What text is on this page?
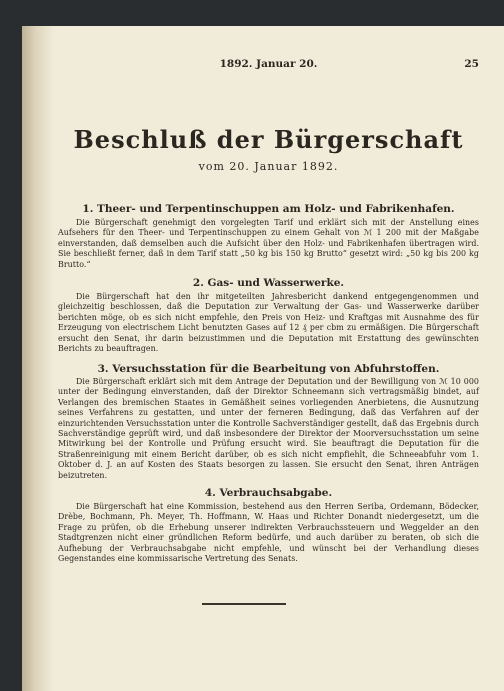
1892. Januar 20.	25
Beschluß der Bürgerschaft
vom 20. Januar 1892.
1. Theer- und Terpentinschuppen am Holz- und Fabrikenhafen.
Die Bürgerschaft genehmigt den vorgelegten Tarif und erklärt sich mit der Anstellung eines Aufsehers für den Theer- und Terpentinschuppen zu einem Gehalt von ℳ 1 200 mit der Maßgabe einverstanden, daß demselben auch die Aufsicht über den Holz- und Fabrikenhafen übertragen wird. Sie beschließt ferner, daß in dem Tarif statt „50 kg bis 150 kg Brutto“ gesetzt wird: „50 kg bis 200 kg Brutto.“
2. Gas- und Wasserwerke.
Die Bürgerschaft hat den ihr mitgeteilten Jahresbericht dankend entgegengenommen und gleichzeitig beschlossen, daß die Deputation zur Verwaltung der Gas- und Wasserwerke darüber berichten möge, ob es sich nicht empfehle, den Preis von Heiz- und Kraftgas mit Ausnahme des für Erzeugung von electrischem Licht benutzten Gases auf 12 ₰ per cbm zu ermäßigen. Die Bürgerschaft ersucht den Senat, ihr darin beizustimmen und die Deputation mit Erstattung des gewünschten Berichts zu beauftragen.
3. Versuchsstation für die Bearbeitung von Abfuhrstoffen.
Die Bürgerschaft erklärt sich mit dem Antrage der Deputation und der Bewilligung von ℳ 10 000 unter der Bedingung einverstanden, daß der Direktor Schneemann sich vertragsmäßig bindet, auf Verlangen des bremischen Staates in Gemäßheit seines vorliegenden Anerbietens, die Ausnutzung seines Verfahrens zu gestatten, und unter der ferneren Bedingung, daß das Verfahren auf der einzurichtenden Versuchsstation unter die Kontrolle Sachverständiger gestellt, daß das Ergebnis durch Sachverständige geprüft wird, und daß insbesondere der Direktor der Moorversuchsstation um seine Mitwirkung bei der Kontrolle und Prüfung ersucht wird. Sie beauftragt die Deputation für die Straßenreinigung mit einem Bericht darüber, ob es sich nicht empfiehlt, die Schneeabfuhr vom 1. Oktober d. J. an auf Kosten des Staats besorgen zu lassen. Sie ersucht den Senat, ihren Anträgen beizutreten.
4. Verbrauchsabgabe.
Die Bürgerschaft hat eine Kommission, bestehend aus den Herren Seriba, Ordemann, Bödecker, Drèbe, Bochmann, Ph. Meyer, Th. Hoffmann, W. Haas und Richter Donandt niedergesetzt, um die Frage zu prüfen, ob die Erhebung unserer indirekten Verbrauchssteuern und Weggelder an den Stadtgrenzen nicht einer gründlichen Reform bedürfe, und auch darüber zu beraten, ob sich die Aufhebung der Verbrauchsabgabe nicht empfehle, und wünscht bei der Verhandlung dieses Gegenstandes eine kommissarische Vertretung des Senats.
